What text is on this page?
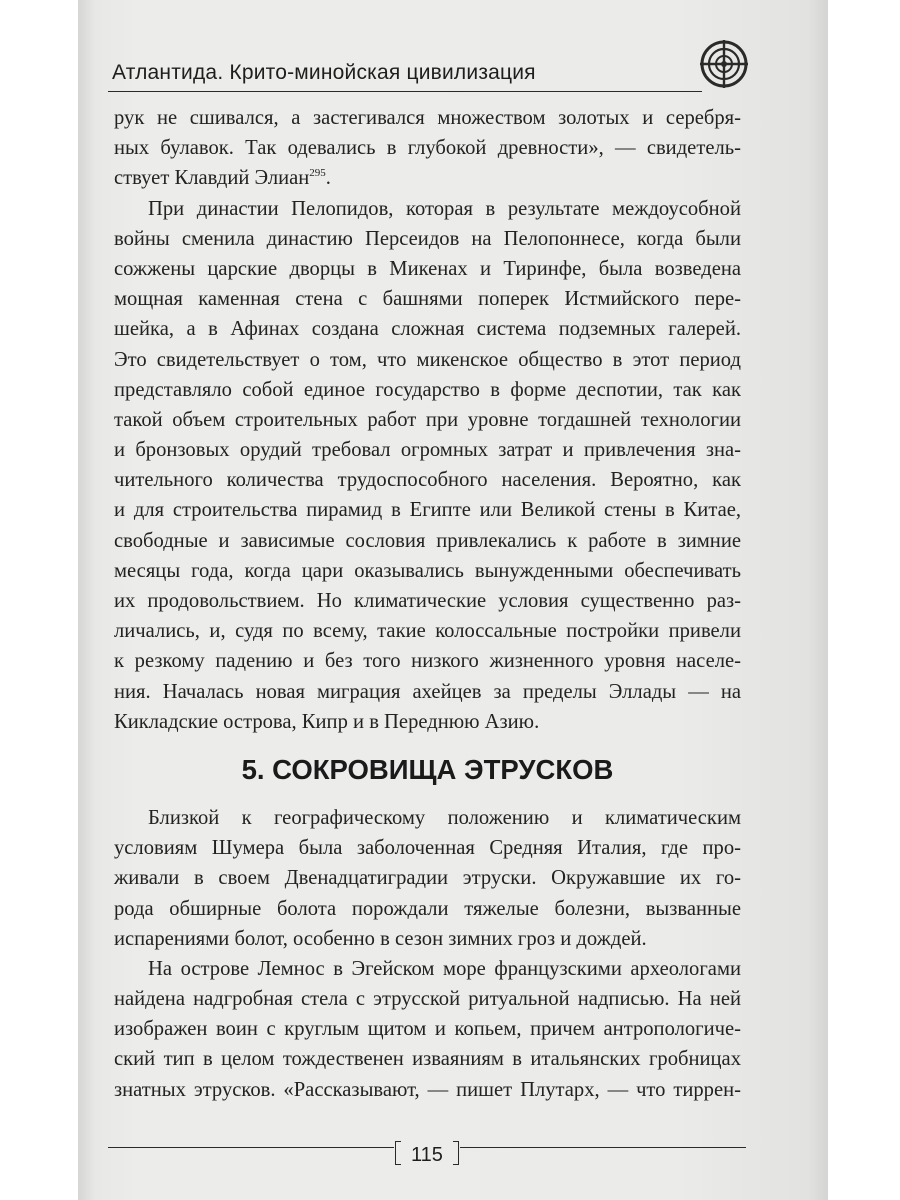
Атлантида. Крито-минойская цивилизация
рук не сшивался, а застегивался множеством золотых и серебря-
ных булавок. Так одевались в глубокой древности», — свидетель-
ствует Клавдий Элиан$^{295}$.
При династии Пелопидов, которая в результате междоусобной
войны сменила династию Персеидов на Пелопоннесе, когда были
сожжены царские дворцы в Микенах и Тиринфе, была возведена
мощная каменная стена с башнями поперек Истмийского пере-
шейка, а в Афинах создана сложная система подземных галерей.
Это свидетельствует о том, что микенское общество в этот период
представляло собой единое государство в форме деспотии, так как
такой объем строительных работ при уровне тогдашней технологии
и бронзовых орудий требовал огромных затрат и привлечения зна-
чительного количества трудоспособного населения. Вероятно, как
и для строительства пирамид в Египте или Великой стены в Китае,
свободные и зависимые сословия привлекались к работе в зимние
месяцы года, когда цари оказывались вынужденными обеспечивать
их продовольствием. Но климатические условия существенно раз-
личались, и, судя по всему, такие колоссальные постройки привели
к резкому падению и без того низкого жизненного уровня населе-
ния. Началась новая миграция ахейцев за пределы Эллады — на
Кикладские острова, Кипр и в Переднюю Азию.
5. СОКРОВИЩА ЭТРУСКОВ
Близкой к географическому положению и климатическим
условиям Шумера была заболоченная Средняя Италия, где про-
живали в своем Двенадцатиградии этруски. Окружавшие их го-
рода обширные болота порождали тяжелые болезни, вызванные
испарениями болот, особенно в сезон зимних гроз и дождей.
На острове Лемнос в Эгейском море французскими археологами
найдена надгробная стела с этрусской ритуальной надписью. На ней
изображен воин с круглым щитом и копьем, причем антропологиче-
ский тип в целом тождественен изваяниям в итальянских гробницах
знатных этрусков. «Рассказывают, — пишет Плутарх, — что тиррен-
115
